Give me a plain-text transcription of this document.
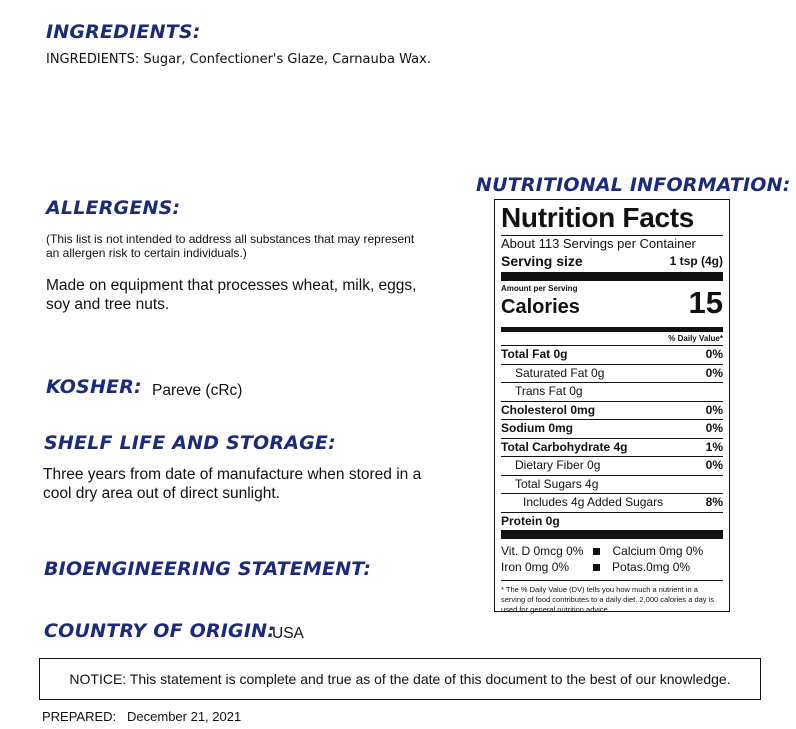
INGREDIENTS:

INGREDIENTS: Sugar, Confectioner's Glaze, Carnauba Wax.

ALLERGENS:

(This list is not intended to address all substances that may represent

an allergen risk to certain individuals.)

Made on equipment that processes wheat, milk, eggs,

soy and tree nuts.

KOSHER: Pareve (cRc)

SHELF LIFE AND STORAGE:

Three years from date of manufacture when stored in a

cool dry area out of direct sunlight.

BIOENGINEERING STATEMENT:
COUNTRY OF ORIGIN:

USA

NUTRITIONAL INFORMATION:
Nutrition Facts
About 113 Servings per Container
Serving size	1 tsp (4g)
Amount per Serving
Calories	15
% Daily Value*
Total Fat 0g	0%
Saturated Fat 0g	0%
Trans Fat 0g
Cholesterol 0mg	0%
Sodium 0mg	0%
Total Carbohydrate 4g	1%
Dietary Fiber 0g	0%
Total Sugars 4g
Includes 4g Added Sugars	8%
Protein 0g
Vit. D 0mcg 0% Calcium 0mg 0%
Iron 0mg 0%	Potas.0mg 0%
* The % Daily Value (DV) tells you how much a nutrient in a serving of food contributes to a daily diet. 2,000 calories a day is used for general nutrition advice.
NOTICE: This statement is complete and true as of the date of this document to the best of our knowledge.

PREPARED: December 21, 2021
